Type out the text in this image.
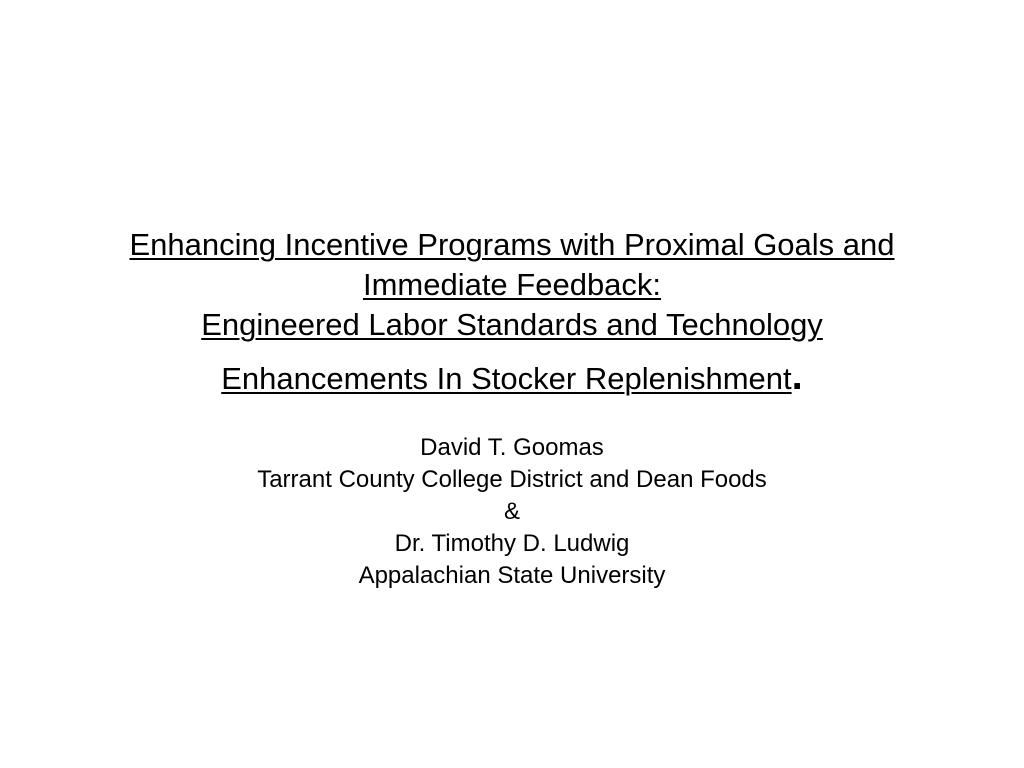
Enhancing Incentive Programs with Proximal Goals and
Immediate Feedback:
Engineered Labor Standards and Technology
Enhancements In Stocker Replenishment.
David T. Goomas
Tarrant County College District and Dean Foods
&
Dr. Timothy D. Ludwig
Appalachian State University
